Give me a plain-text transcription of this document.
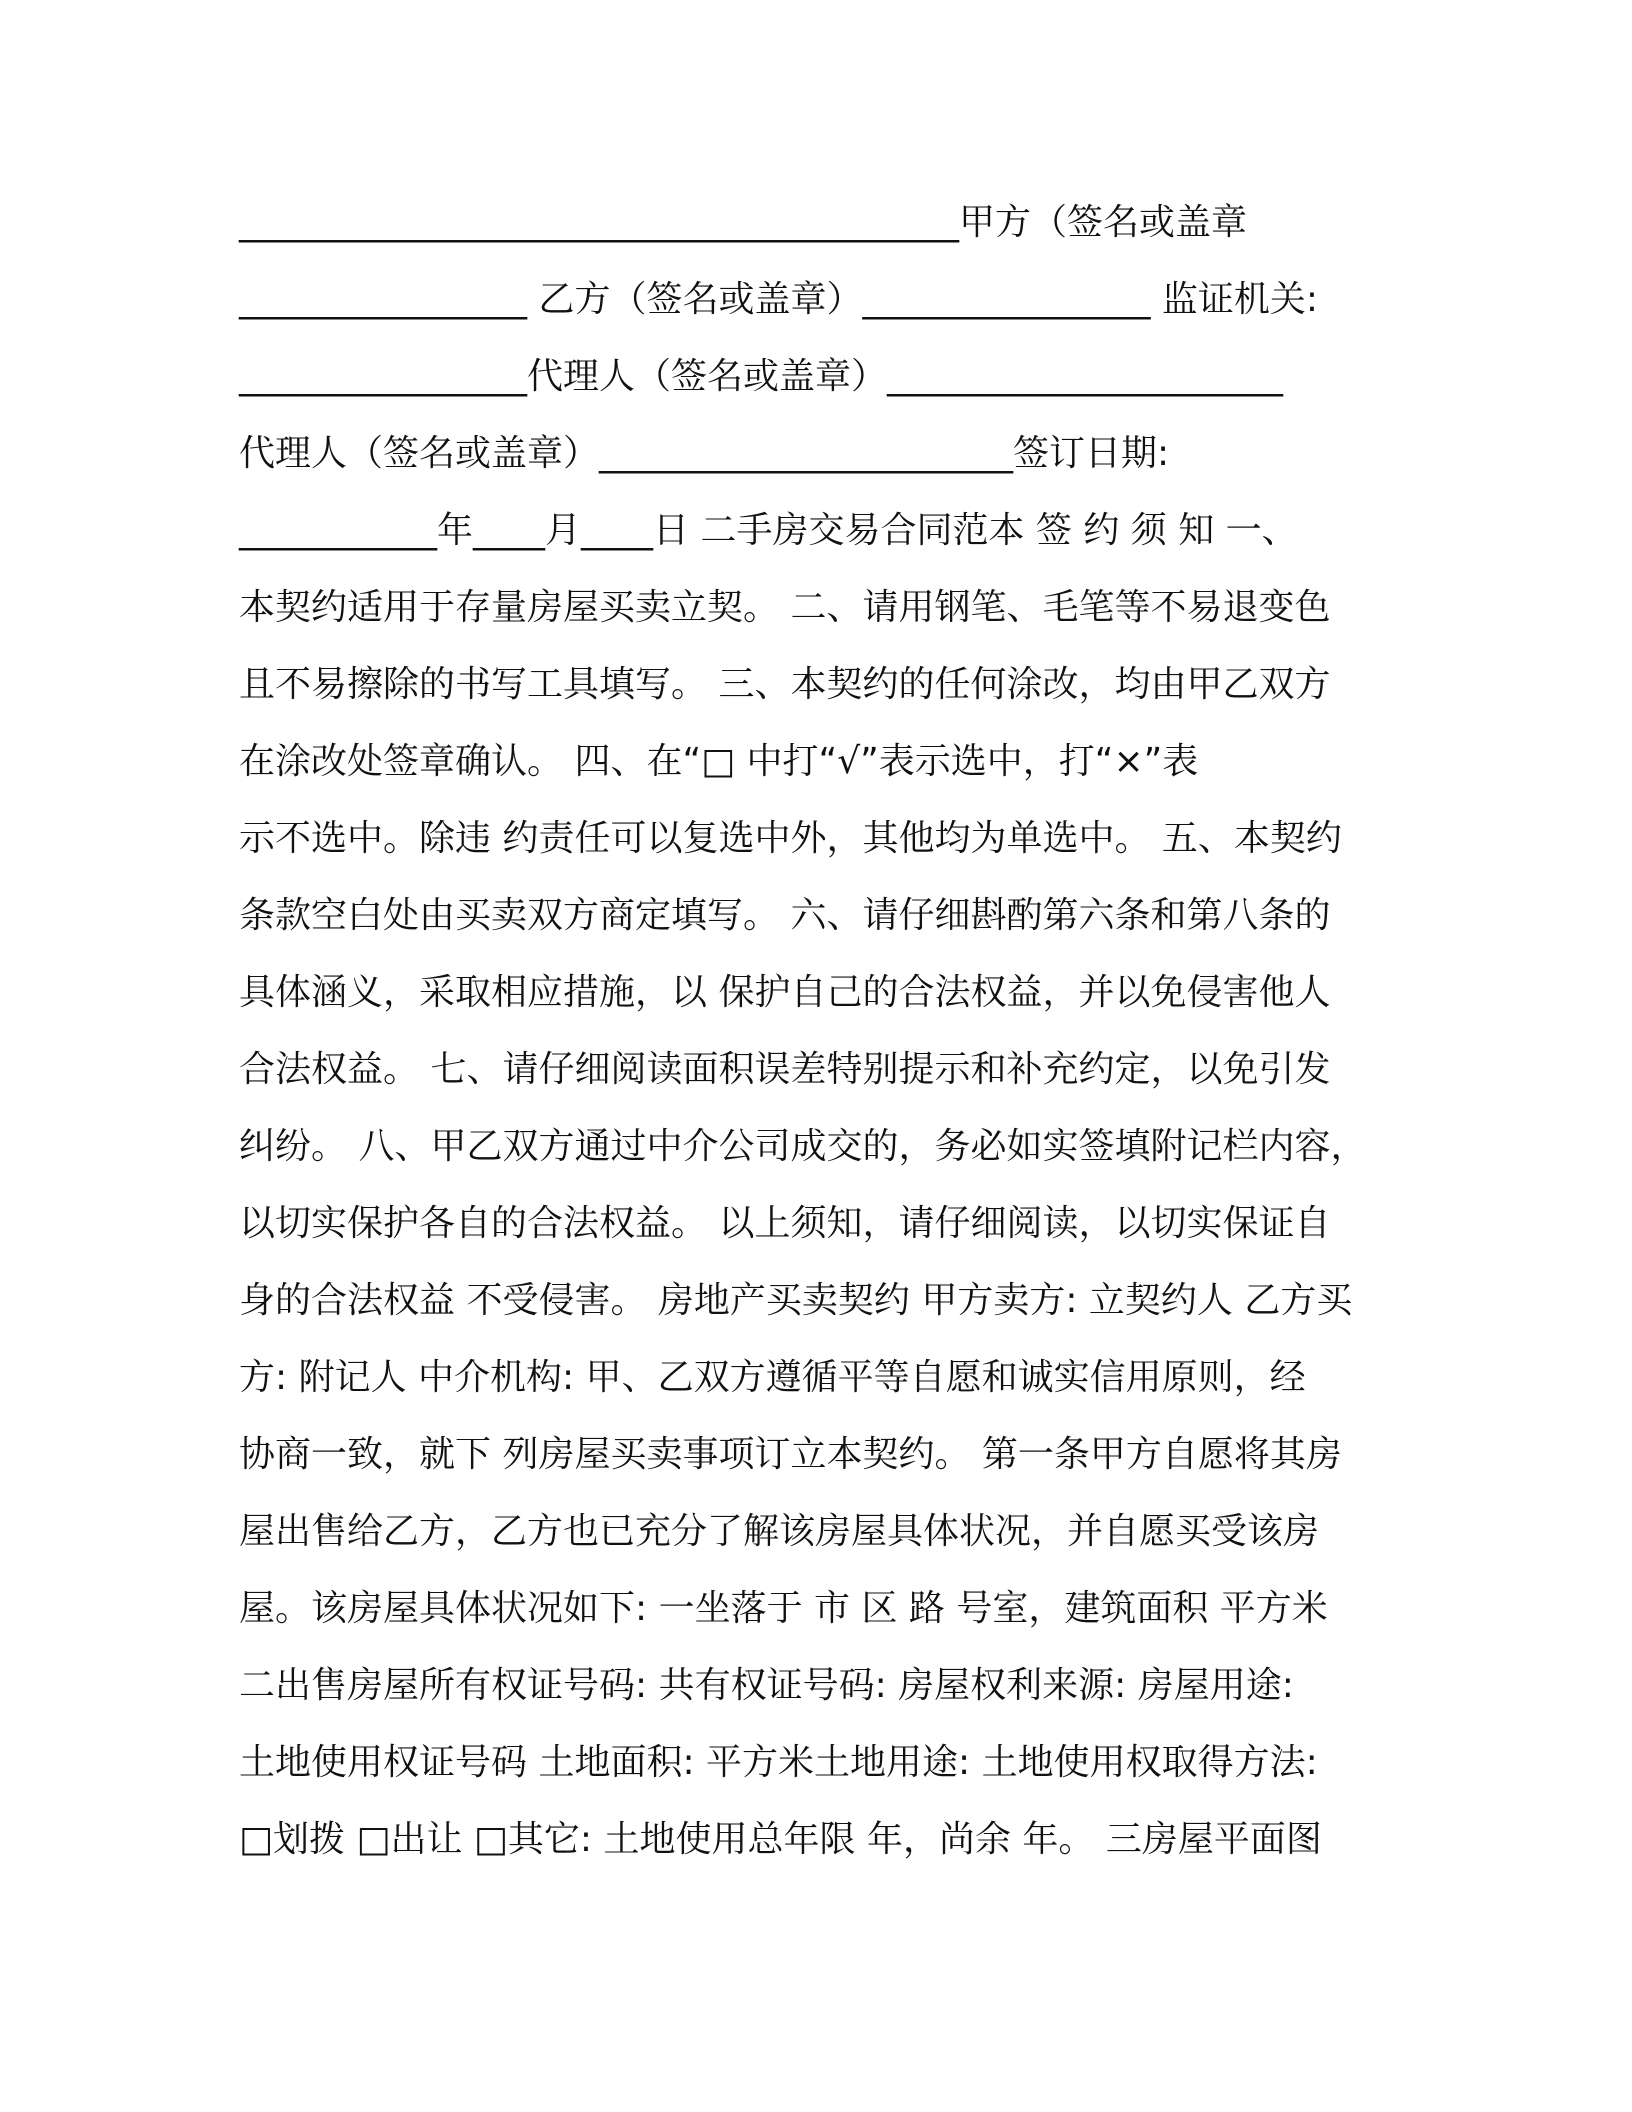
________________________________________甲方（签名或盖章
________________ 乙方（签名或盖章）________________ 监证机关:
________________代理人（签名或盖章）______________________
代理人（签名或盖章）_______________________签订日期:
___________年____月____日 二手房交易合同范本 签 约 须 知 一、
本契约适用于存量房屋买卖立契。 二、请用钢笔、毛笔等不易退变色
且不易擦除的书写工具填写。 三、本契约的任何涂改，均由甲乙双方
在涂改处签章确认。 四、在“□ 中打“√”表示选中，打“×”表
示不选中。除违 约责任可以复选中外，其他均为单选中。 五、本契约
条款空白处由买卖双方商定填写。 六、请仔细斟酌第六条和第八条的
具体涵义，采取相应措施，以 保护自己的合法权益，并以免侵害他人
合法权益。 七、请仔细阅读面积误差特别提示和补充约定，以免引发
纠纷。 八、甲乙双方通过中介公司成交的，务必如实签填附记栏内容，
以切实保护各自的合法权益。 以上须知，请仔细阅读，以切实保证自
身的合法权益 不受侵害。 房地产买卖契约 甲方卖方: 立契约人 乙方买
方: 附记人 中介机构: 甲、乙双方遵循平等自愿和诚实信用原则，经
协商一致，就下 列房屋买卖事项订立本契约。 第一条甲方自愿将其房
屋出售给乙方，乙方也已充分了解该房屋具体状况，并自愿买受该房
屋。该房屋具体状况如下: 一坐落于 市 区 路 号室，建筑面积 平方米
二出售房屋所有权证号码: 共有权证号码: 房屋权利来源: 房屋用途:
土地使用权证号码 土地面积: 平方米土地用途: 土地使用权取得方法:
□划拨 □出让 □其它: 土地使用总年限 年，尚余 年。 三房屋平面图
